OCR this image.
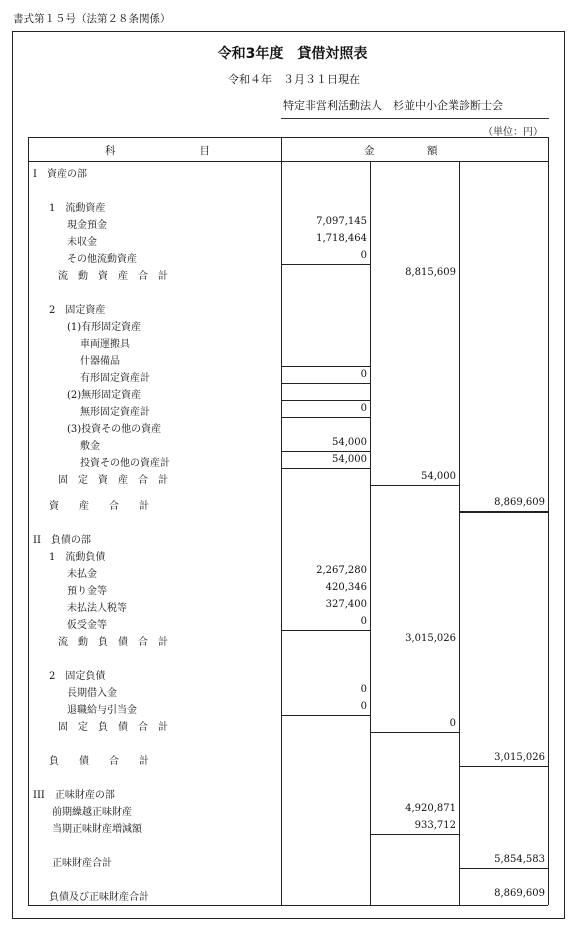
書式第１５号（法第２８条関係）
令和3年度　貸借対照表
令和４年　３月３１日現在
特定非営利活動法人　杉並中小企業診断士会
（単位：円）
科　　　　　　　　目	金　　　　　額
I　資産の部
1　流動資産
現金預金	7,097,145
未収金	1,718,464
その他流動資産	0
流　動　資　産　合　計	8,815,609
2　固定資産
(1)有形固定資産
車両運搬具
什器備品
有形固定資産計	0
(2)無形固定資産
無形固定資産計	0
(3)投資その他の資産
敷金	54,000
投資その他の資産計	54,000
固　定　資　産　合　計	54,000
資　　産　　合　　計	8,869,609
II　負債の部
1　流動負債
未払金	2,267,280
預り金等	420,346
未払法人税等	327,400
仮受金等	0
流　動　負　債　合　計	3,015,026
2　固定負債
長期借入金	0
退職給与引当金	0
固　定　負　債　合　計	0
負　　債　　合　　計	3,015,026
III　正味財産の部
前期繰越正味財産	4,920,871
当期正味財産増減額	933,712
正味財産合計	5,854,583
負債及び正味財産合計	8,869,609
